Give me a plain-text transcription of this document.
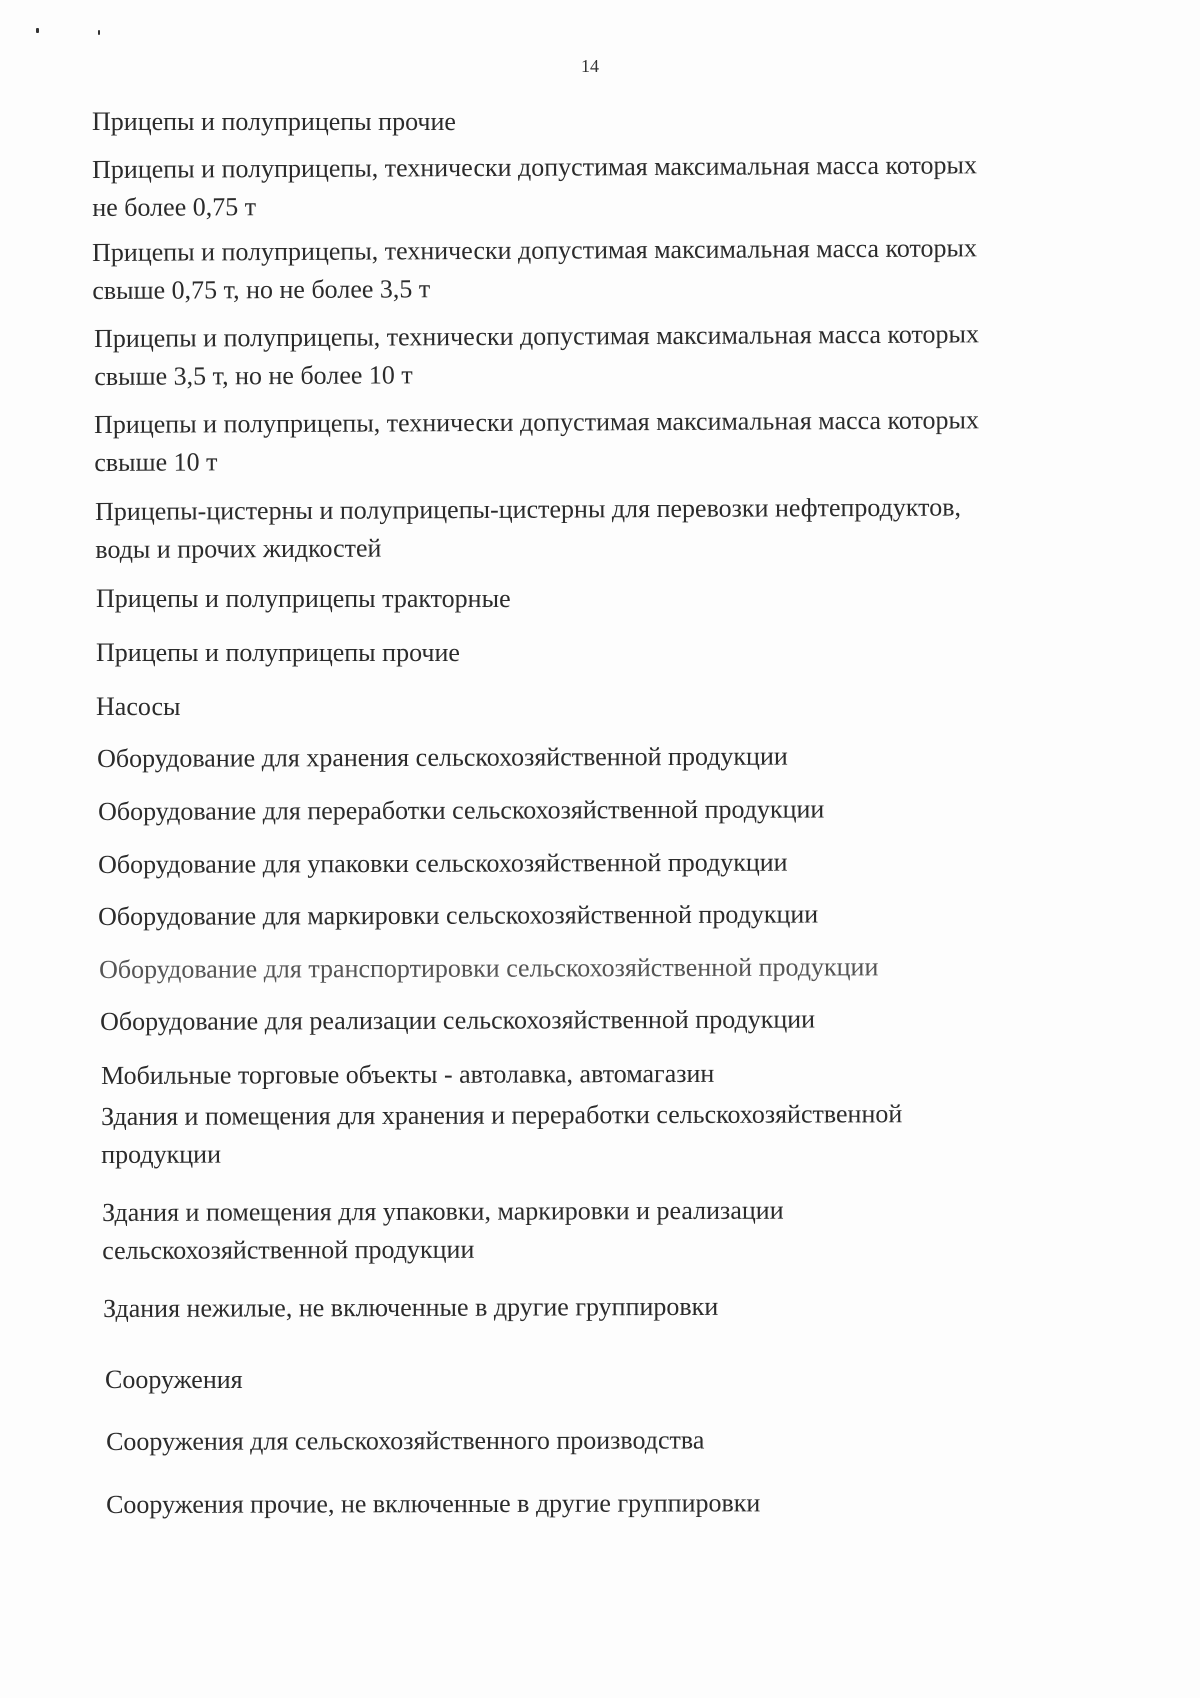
14
Прицепы и полуприцепы прочие
Прицепы и полуприцепы, технически допустимая максимальная масса которых
не более 0,75 т
Прицепы и полуприцепы, технически допустимая максимальная масса которых
свыше 0,75 т, но не более 3,5 т
Прицепы и полуприцепы, технически допустимая максимальная масса которых
свыше 3,5 т, но не более 10 т
Прицепы и полуприцепы, технически допустимая максимальная масса которых
свыше 10 т
Прицепы-цистерны и полуприцепы-цистерны для перевозки нефтепродуктов,
воды и прочих жидкостей
Прицепы и полуприцепы тракторные
Прицепы и полуприцепы прочие
Насосы
Оборудование для хранения сельскохозяйственной продукции
Оборудование для переработки сельскохозяйственной продукции
Оборудование для упаковки сельскохозяйственной продукции
Оборудование для маркировки сельскохозяйственной продукции
Оборудование для транспортировки сельскохозяйственной продукции
Оборудование для реализации сельскохозяйственной продукции
Мобильные торговые объекты - автолавка, автомагазин
Здания и помещения для хранения и переработки сельскохозяйственной
продукции
Здания и помещения для упаковки, маркировки и реализации
сельскохозяйственной продукции
Здания нежилые, не включенные в другие группировки
Сооружения
Сооружения для сельскохозяйственного производства
Сооружения прочие, не включенные в другие группировки
